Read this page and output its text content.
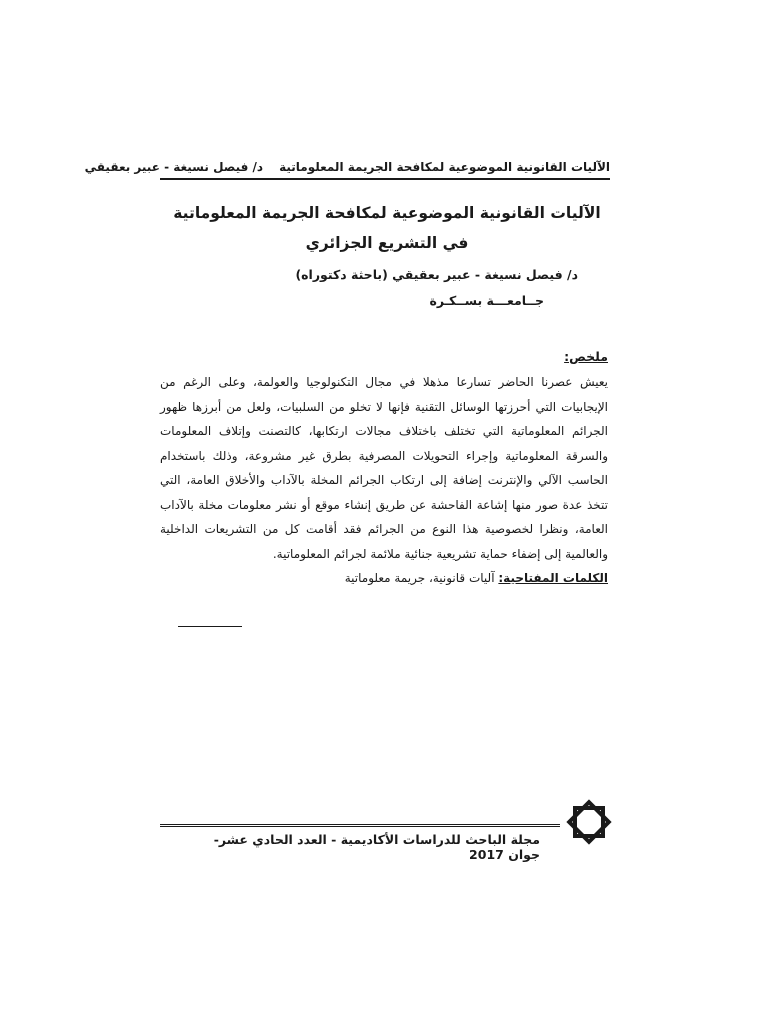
الآليات القانونية الموضوعية لمكافحة الجريمة المعلوماتية
د/ فيصل نسيغة - عبير بعقيقي
الآليات القانونية الموضوعية لمكافحة الجريمة المعلوماتية
في التشريع الجزائري
د/ فيصل نسيغة - عبير بعقيقي (باحثة دكتوراه)
جــامعـــة بســكـرة
ملخص:

يعيش عصرنا الحاضر تسارعا مذهلا في مجال التكنولوجيا والعولمة، وعلى الرغم من الإيجابيات التي أحرزتها الوسائل التقنية فإنها لا تخلو من السلبيات، ولعل من أبرزها ظهور الجرائم المعلوماتية التي تختلف باختلاف مجالات ارتكابها، كالتصنت وإتلاف المعلومات والسرقة المعلوماتية وإجراء التحويلات المصرفية بطرق غير مشروعة، وذلك باستخدام الحاسب الآلي والإنترنت إضافة إلى ارتكاب الجرائم المخلة بالآداب والأخلاق العامة، التي تتخذ عدة صور منها إشاعة الفاحشة عن طريق إنشاء موقع أو نشر معلومات مخلة بالآداب العامة، ونظرا لخصوصية هذا النوع من الجرائم فقد أقامت كل من التشريعات الداخلية والعالمية إلى إضفاء حماية تشريعية جنائية ملائمة لجرائم المعلوماتية.

الكلمات المفتاحية: آليات قانونية، جريمة معلوماتية
مجلة الباحث للدراسات الأكاديمية - العدد الحادي عشر- جوان 2017
